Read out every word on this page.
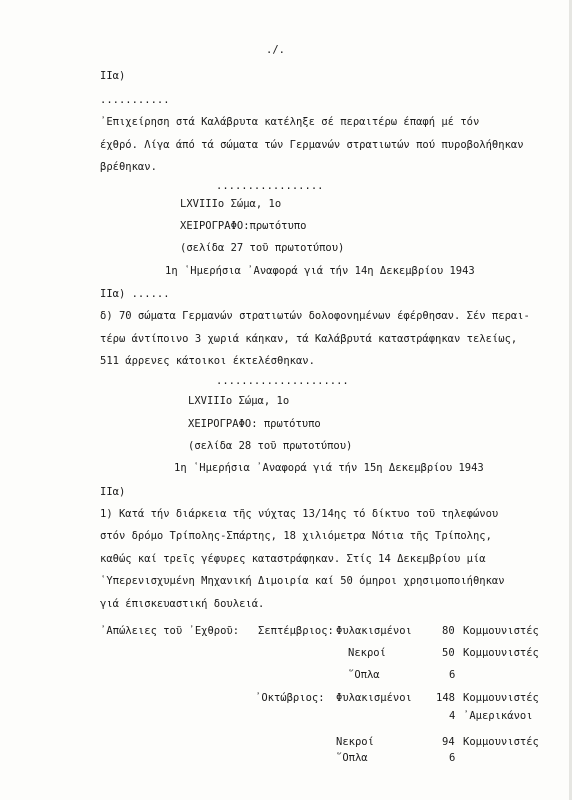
./.
IIα)
...........
᾿Επιχείρηση στά Καλάβρυτα κατέληξε σέ περαιτέρω έπαφή μέ τόν
έχθρό. Λίγα άπό τά σώματα τών Γερμανών στρατιωτών πού πυροβολήθηκαν
βρέθηκαν.
.................
LXVIIIο Σώμα, 1ο
ΧΕΙΡΟΓΡΑΦΟ:πρωτότυπο
(σελίδα 27 τοῦ πρωτοτύπου)
1η ῾Ημερήσια ᾿Αναφορά γιά τήν 14η Δεκεμβρίου 1943
IIα) ......
δ) 70 σώματα Γερμανών στρατιωτών δολοφονημένων έφέρθησαν. Σέν περαι-
τέρω άντίποινο 3 χωριά κάηκαν, τά Καλάβρυτά καταστράφηκαν τελείως,
511 άρρενες κάτοικοι έκτελέσθηκαν.
.....................
LXVIIIο Σώμα, 1ο
ΧΕΙΡΟΓΡΑΦΟ: πρωτότυπο
(σελίδα 28 τοῦ πρωτοτύπου)
1η ῾Ημερήσια ᾿Αναφορά γιά τήν 15η Δεκεμβρίου 1943
IIα)
1) Κατά τήν διάρκεια τῆς νύχτας 13/14ης τό δίκτυο τοῦ τηλεφώνου
στόν δρόμο Τρίπολης-Σπάρτης, 18 χιλιόμετρα Νότια τῆς Τρίπολης,
καθώς καί τρεῖς γέφυρες καταστράφηκαν. Στίς 14 Δεκεμβρίου μία
῾Υπερενισχυμένη Μηχανική Διμοιρία καί 50 όμηροι χρησιμοποιήθηκαν
γιά έπισκευαστική δουλειά.
᾿Απώλειες τοῦ ᾿Εχθροῦ: Σεπτέμβριος: Φυλακισμένοι	80 Κομμουνιστές
Νεκροί	50 Κομμουνιστές
῞Οπλα	6
᾿Οκτώβριος: Φυλακισμένοι 148 Κομμουνιστές
4 ᾿Αμερικάνοι
Νεκροί	94 Κομμουνιστές
῞Οπλα	6
